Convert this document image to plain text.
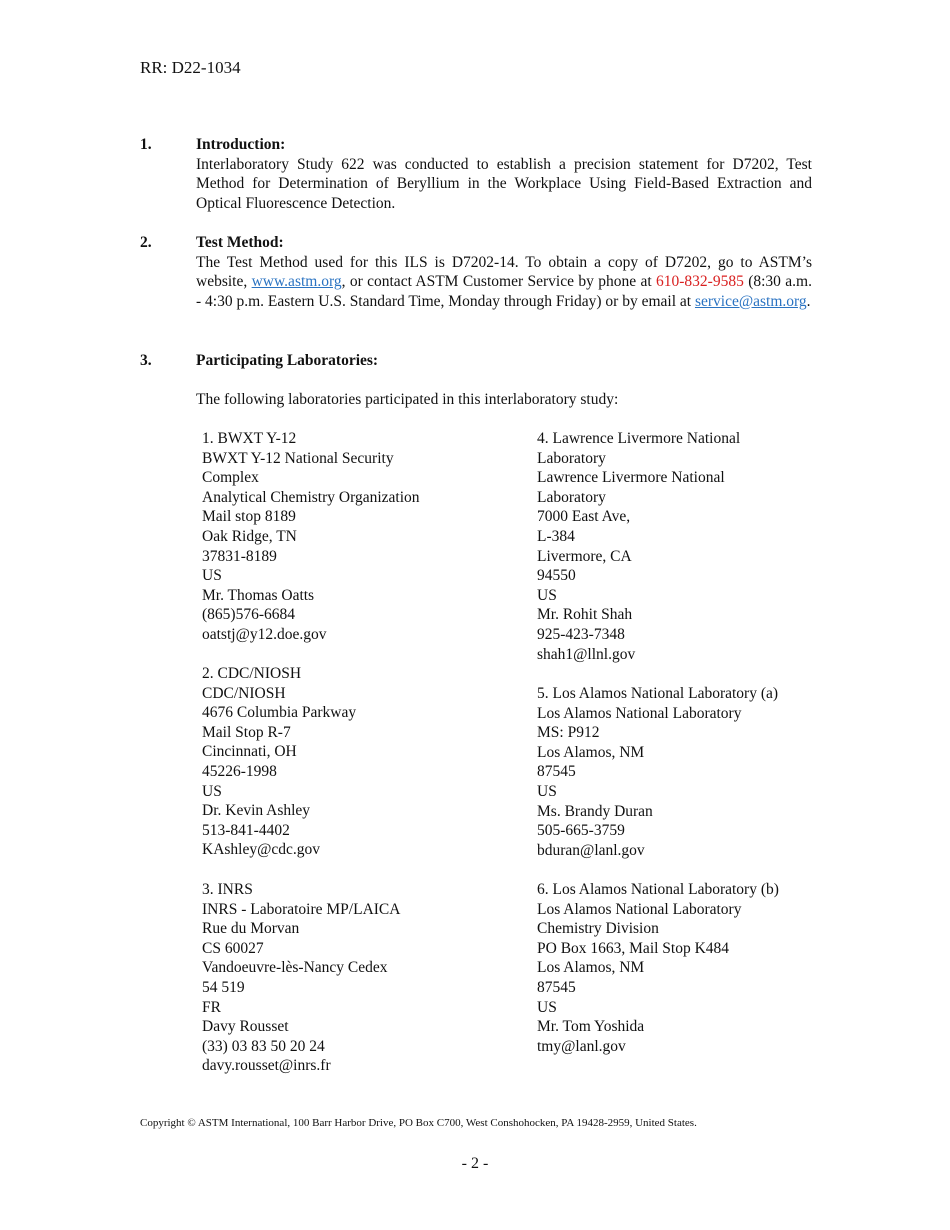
RR: D22-1034
1.	Introduction:
Interlaboratory Study 622 was conducted to establish a precision statement for D7202, Test Method for Determination of Beryllium in the Workplace Using Field-Based Extraction and Optical Fluorescence Detection.
2.	Test Method:
The Test Method used for this ILS is D7202-14. To obtain a copy of D7202, go to ASTM’s website, www.astm.org, or contact ASTM Customer Service by phone at 610-832-9585 (8:30 a.m. - 4:30 p.m. Eastern U.S. Standard Time, Monday through Friday) or by email at service@astm.org.
3.	Participating Laboratories:
The following laboratories participated in this interlaboratory study:
1. BWXT Y-12
BWXT Y-12 National Security
Complex
Analytical Chemistry Organization
Mail stop 8189
Oak Ridge, TN
37831-8189
US
Mr. Thomas Oatts
(865)576-6684
oatstj@y12.doe.gov
2. CDC/NIOSH
CDC/NIOSH
4676 Columbia Parkway
Mail Stop R-7
Cincinnati, OH
45226-1998
US
Dr. Kevin Ashley
513-841-4402
KAshley@cdc.gov
3. INRS
INRS - Laboratoire MP/LAICA
Rue du Morvan
CS 60027
Vandoeuvre-lès-Nancy Cedex
54 519
FR
Davy Rousset
(33) 03 83 50 20 24
davy.rousset@inrs.fr
4. Lawrence Livermore National
Laboratory
Lawrence Livermore National
Laboratory
7000 East Ave,
L-384
Livermore, CA
94550
US
Mr. Rohit Shah
925-423-7348
shah1@llnl.gov
5. Los Alamos National Laboratory (a)
Los Alamos National Laboratory
MS: P912
Los Alamos, NM
87545
US
Ms. Brandy Duran
505-665-3759
bduran@lanl.gov
6. Los Alamos National Laboratory (b)
Los Alamos National Laboratory
Chemistry Division
PO Box 1663, Mail Stop K484
Los Alamos, NM
87545
US
Mr. Tom Yoshida
tmy@lanl.gov
Copyright © ASTM International, 100 Barr Harbor Drive, PO Box C700, West Conshohocken, PA 19428-2959, United States.
- 2 -
